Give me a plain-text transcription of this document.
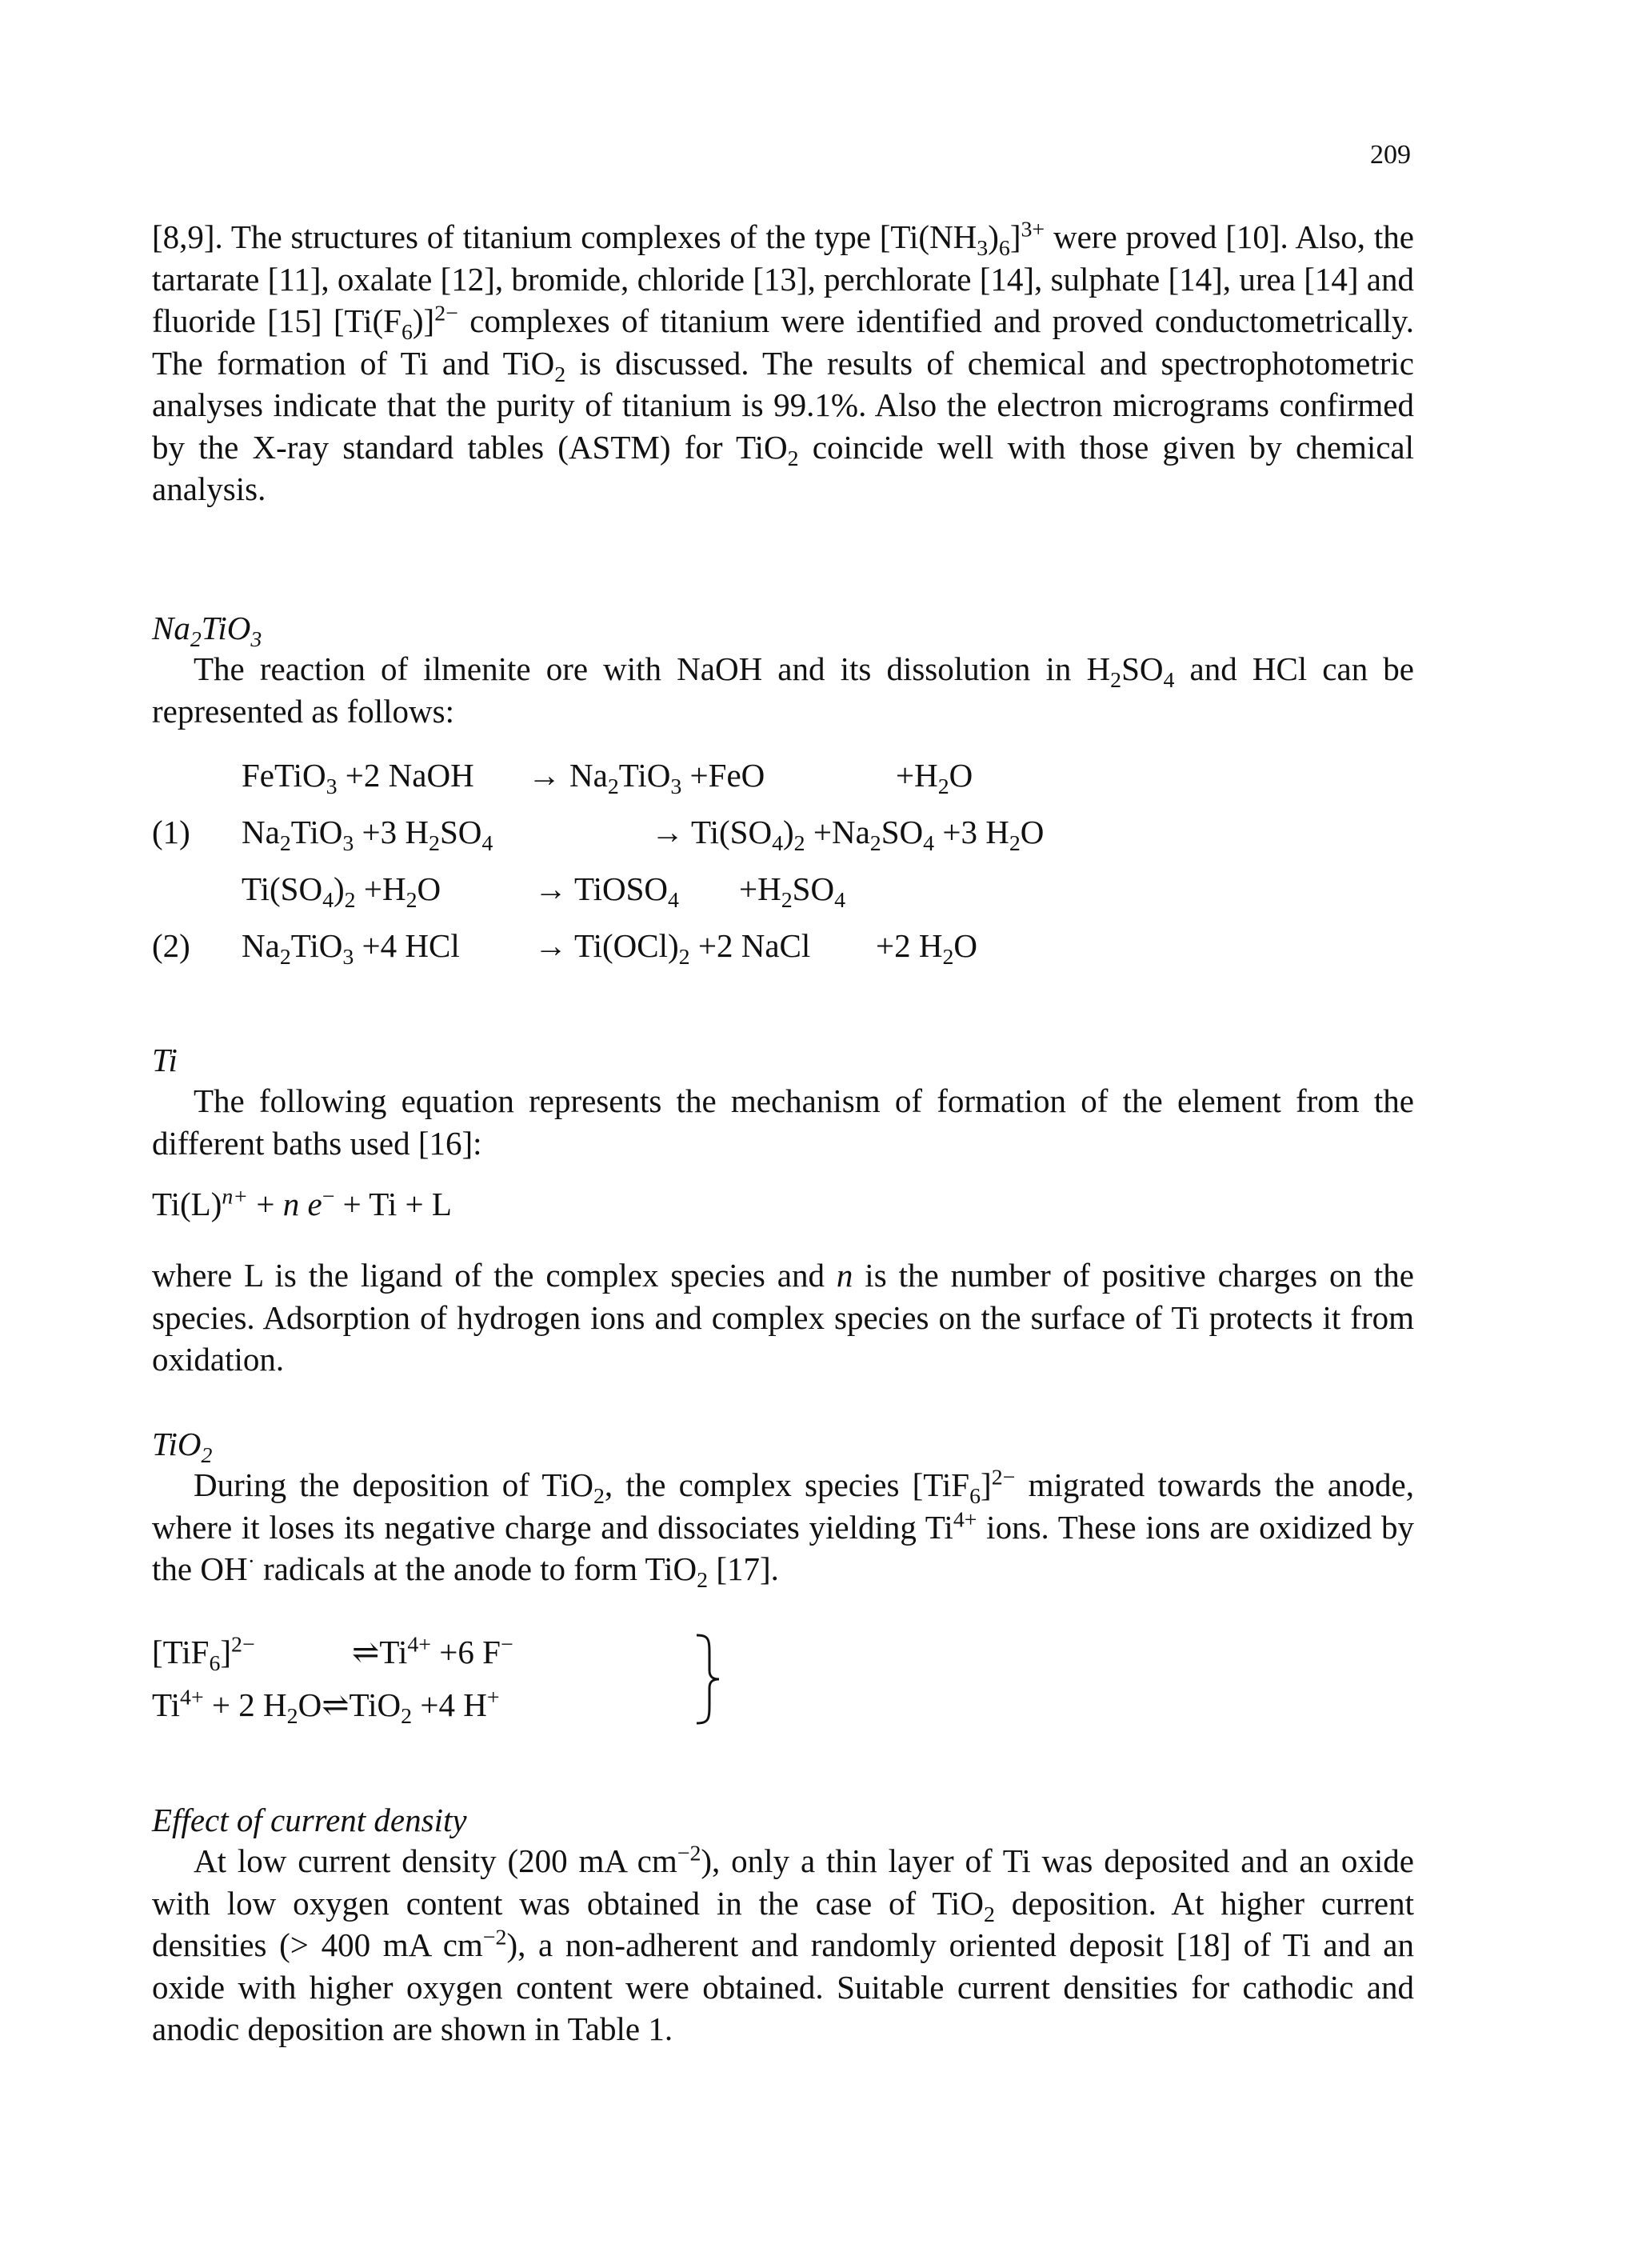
209

[8,9]. The structures of titanium complexes of the type $[Ti(NH_3)_6]^{3+}$ were proved [10]. Also, the tartarate [11], oxalate [12], bromide, chloride [13], perchlorate [14], sulphate [14], urea [14] and fluoride [15] $[Ti(F_6)]^{2-}$ complexes of titanium were identified and proved conductometrically. The formation of Ti and TiO$_2$ is discussed. The results of chemical and spectrophotometric analyses indicate that the purity of titanium is 99.1%. Also the electron micrograms confirmed by the X-ray standard tables (ASTM) for TiO$_2$ coincide well with those given by chemical analysis.

$Na_2TiO_3$

The reaction of ilmenite ore with NaOH and its dissolution in $H_2SO_4$ and HCl can be represented as follows:

FeTiO$_3$ +2 NaOH → $Na_2TiO_3 +FeO$	$+H_2O$
(1) $Na_2TiO_3 +3$ $H_2SO_4$	→ $Ti(SO_4)_2 +Na_2SO_4 +3$ $H_2O$
$Ti(SO_4)_2 +H_2O$	→ TiOSO$_4$ $+H_2SO_4$
(2) $Na_2TiO_3 +4$ HCl → $Ti(OCl)_2 +2$ NaCl +2 $H_2O$
Ti

The following equation represents the mechanism of formation of the element from the different baths used [16]:

$Ti(L)^{n+} + n$ e− + Ti + L

where L is the ligand of the complex species and n is the number of positive charges on the species. Adsorption of hydrogen ions and complex species on the surface of Ti protects it from oxidation.

TiO$_2$

During the deposition of TiO$_2$, the complex species $[TiF_6]^{2-}$ migrated towards the anode, where it loses its negative charge and dissociates yielding $Ti^{4+}$ ions. These ions are oxidized by the OH· radicals at the anode to form TiO$_2$ [17].

$[TiF_6]^{2-}$	$\rightleftharpoons Ti^{4+} +6$ F−
$Ti^{4+} + 2$ $H_2O\rightleftharpoons TiO_2 +4$ H+
Effect of current density

At low current density (200 mA $cm^{-2}$), only a thin layer of Ti was deposited and an oxide with low oxygen content was obtained in the case of TiO$_2$ deposition. At higher current densities (> 400 mA $cm^{-2}$), a non-adherent and randomly oriented deposit [18] of Ti and an oxide with higher oxygen content were obtained. Suitable current densities for cathodic and anodic deposition are shown in Table 1.
